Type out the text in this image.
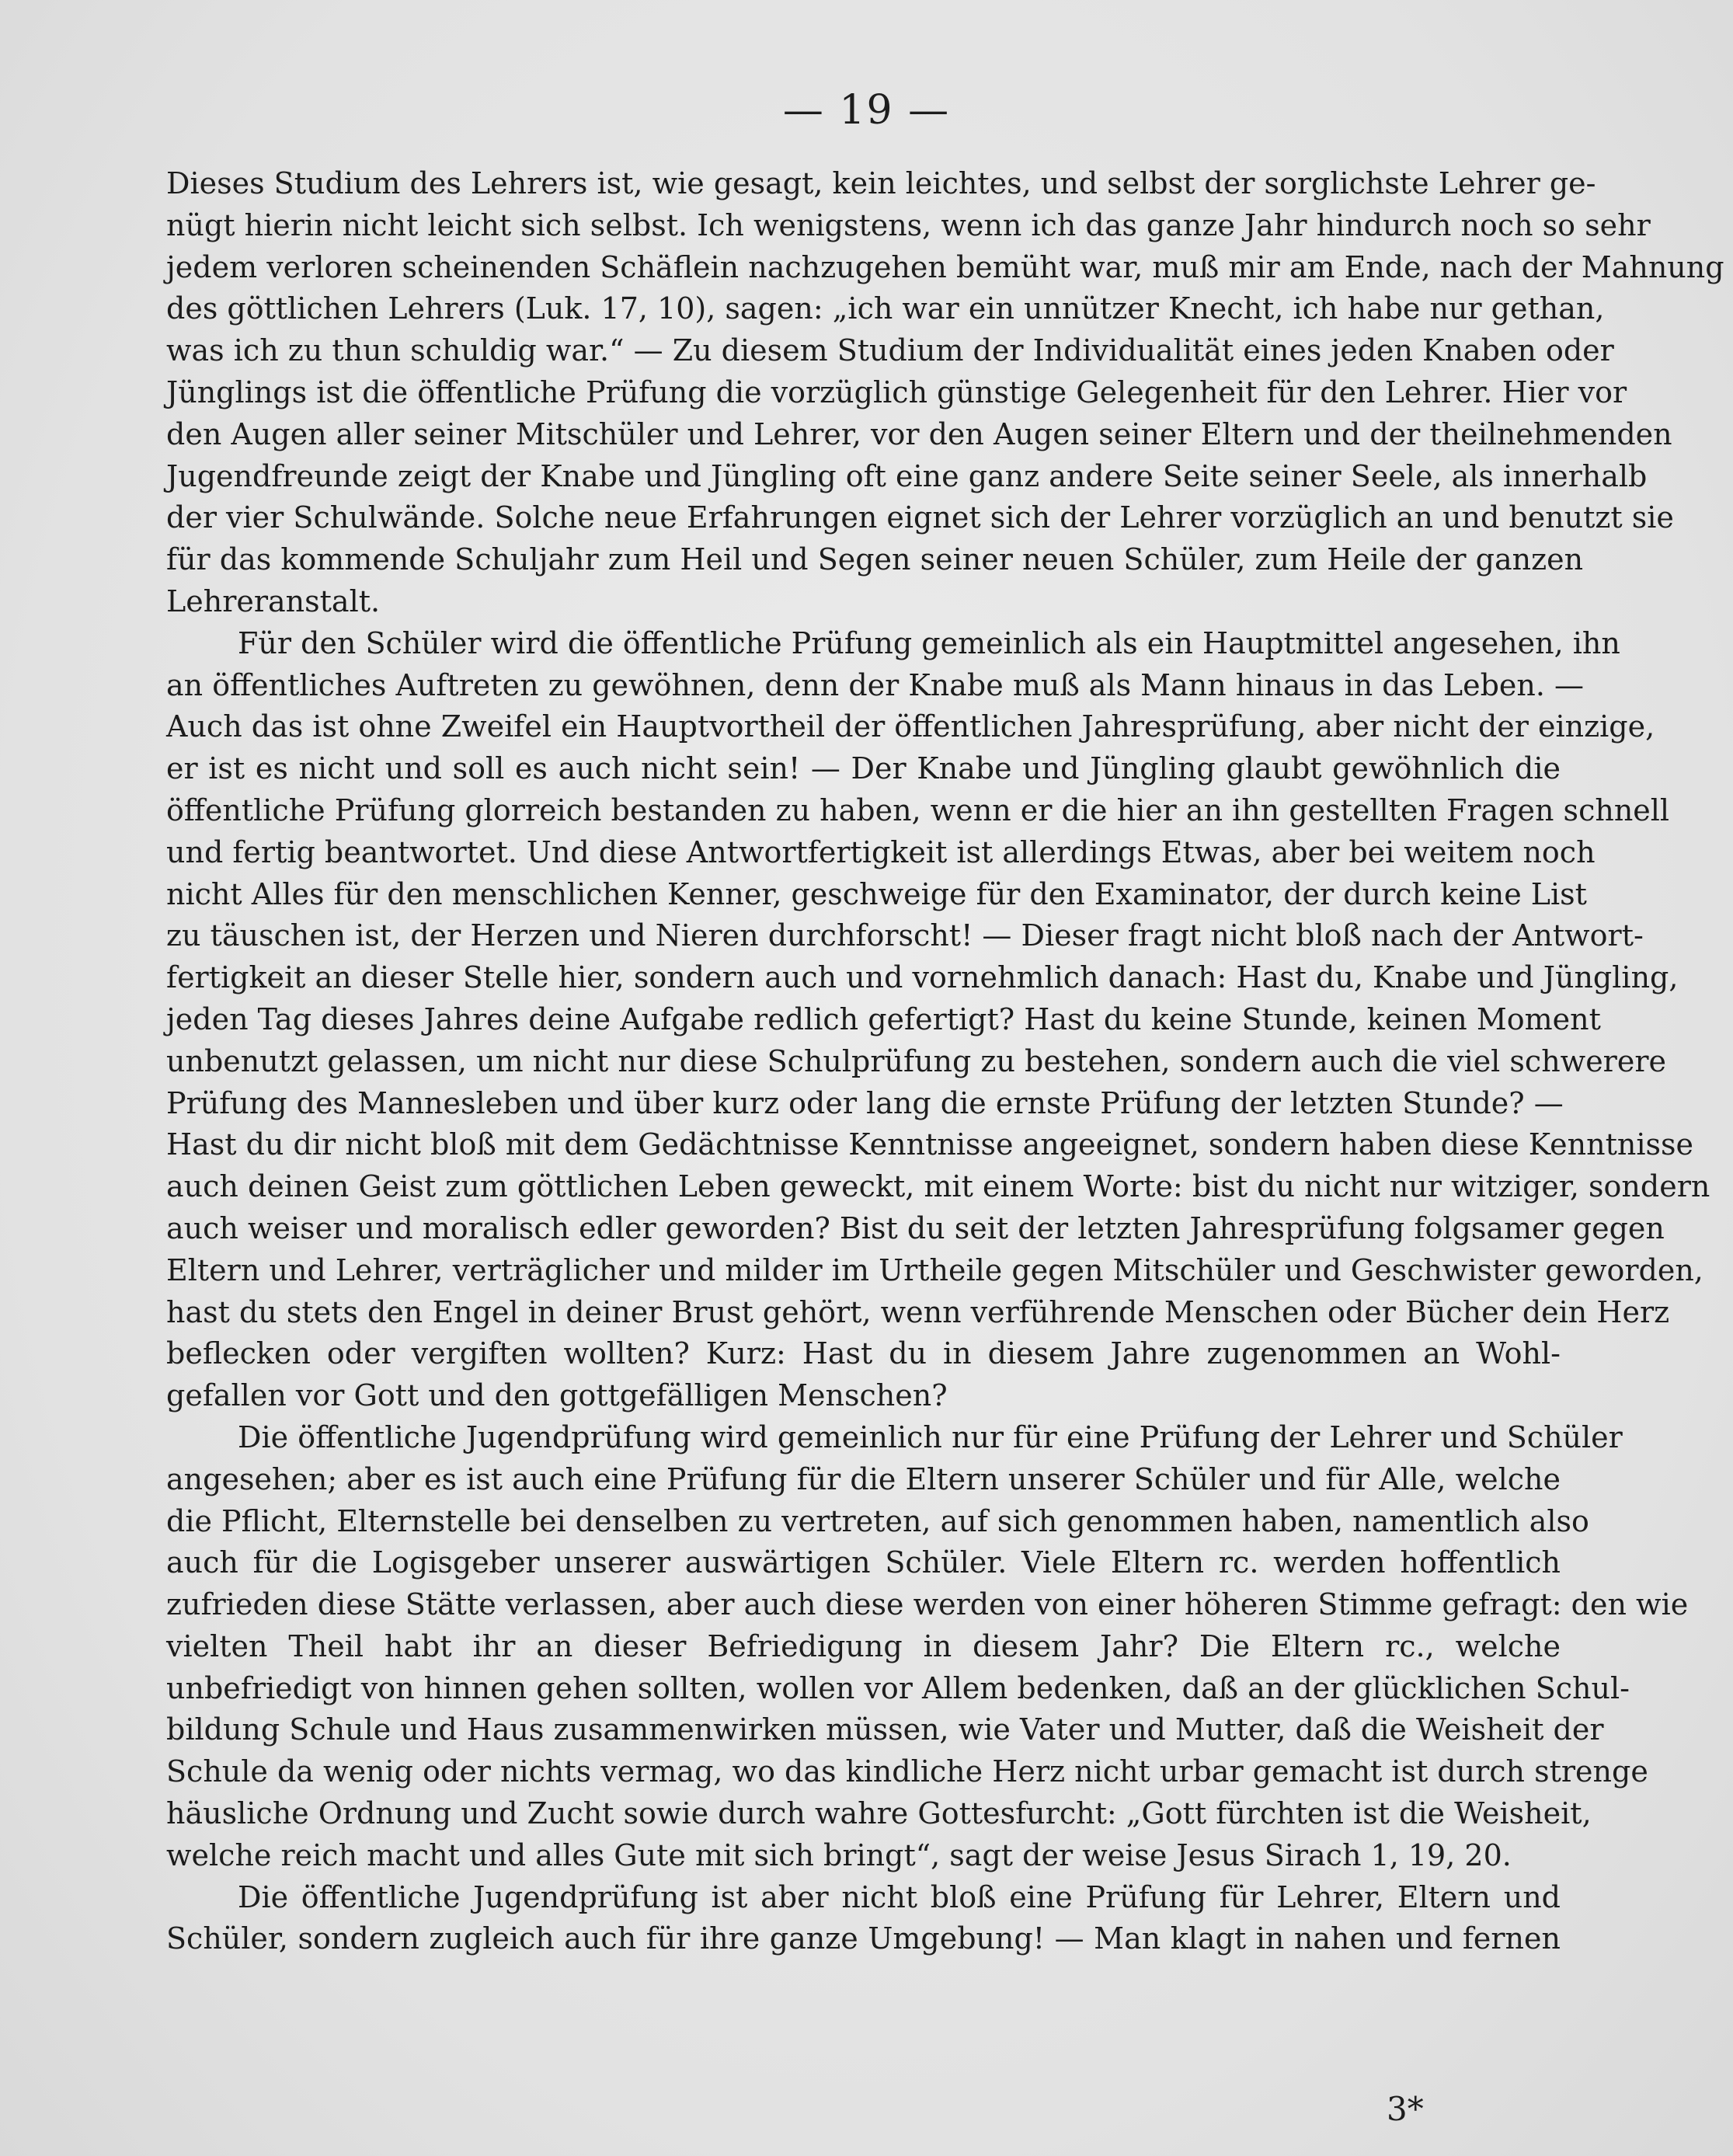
— 19 —
Dieses Studium des Lehrers ist, wie gesagt, kein leichtes, und selbst der sorglichste Lehrer ge-
nügt hierin nicht leicht sich selbst. Ich wenigstens, wenn ich das ganze Jahr hindurch noch so sehr
jedem verloren scheinenden Schäflein nachzugehen bemüht war, muß mir am Ende, nach der Mahnung
des göttlichen Lehrers (Luk. 17, 10), sagen: „ich war ein unnützer Knecht, ich habe nur gethan,
was ich zu thun schuldig war.“ — Zu diesem Studium der Individualität eines jeden Knaben oder
Jünglings ist die öffentliche Prüfung die vorzüglich günstige Gelegenheit für den Lehrer. Hier vor
den Augen aller seiner Mitschüler und Lehrer, vor den Augen seiner Eltern und der theilnehmenden
Jugendfreunde zeigt der Knabe und Jüngling oft eine ganz andere Seite seiner Seele, als innerhalb
der vier Schulwände. Solche neue Erfahrungen eignet sich der Lehrer vorzüglich an und benutzt sie
für das kommende Schuljahr zum Heil und Segen seiner neuen Schüler, zum Heile der ganzen
Lehreranstalt.
Für den Schüler wird die öffentliche Prüfung gemeinlich als ein Hauptmittel angesehen, ihn
an öffentliches Auftreten zu gewöhnen, denn der Knabe muß als Mann hinaus in das Leben. —
Auch das ist ohne Zweifel ein Hauptvortheil der öffentlichen Jahresprüfung, aber nicht der einzige,
er ist es nicht und soll es auch nicht sein! — Der Knabe und Jüngling glaubt gewöhnlich die
öffentliche Prüfung glorreich bestanden zu haben, wenn er die hier an ihn gestellten Fragen schnell
und fertig beantwortet. Und diese Antwortfertigkeit ist allerdings Etwas, aber bei weitem noch
nicht Alles für den menschlichen Kenner, geschweige für den Examinator, der durch keine List
zu täuschen ist, der Herzen und Nieren durchforscht! — Dieser fragt nicht bloß nach der Antwort-
fertigkeit an dieser Stelle hier, sondern auch und vornehmlich danach: Hast du, Knabe und Jüngling,
jeden Tag dieses Jahres deine Aufgabe redlich gefertigt? Hast du keine Stunde, keinen Moment
unbenutzt gelassen, um nicht nur diese Schulprüfung zu bestehen, sondern auch die viel schwerere
Prüfung des Mannesleben und über kurz oder lang die ernste Prüfung der letzten Stunde? —
Hast du dir nicht bloß mit dem Gedächtnisse Kenntnisse angeeignet, sondern haben diese Kenntnisse
auch deinen Geist zum göttlichen Leben geweckt, mit einem Worte: bist du nicht nur witziger, sondern
auch weiser und moralisch edler geworden? Bist du seit der letzten Jahresprüfung folgsamer gegen
Eltern und Lehrer, verträglicher und milder im Urtheile gegen Mitschüler und Geschwister geworden,
hast du stets den Engel in deiner Brust gehört, wenn verführende Menschen oder Bücher dein Herz
beflecken oder vergiften wollten? Kurz: Hast du in diesem Jahre zugenommen an Wohl-
gefallen vor Gott und den gottgefälligen Menschen?
Die öffentliche Jugendprüfung wird gemeinlich nur für eine Prüfung der Lehrer und Schüler
angesehen; aber es ist auch eine Prüfung für die Eltern unserer Schüler und für Alle, welche
die Pflicht, Elternstelle bei denselben zu vertreten, auf sich genommen haben, namentlich also
auch für die Logisgeber unserer auswärtigen Schüler. Viele Eltern rc. werden hoffentlich
zufrieden diese Stätte verlassen, aber auch diese werden von einer höheren Stimme gefragt: den wie
vielten Theil habt ihr an dieser Befriedigung in diesem Jahr? Die Eltern rc., welche
unbefriedigt von hinnen gehen sollten, wollen vor Allem bedenken, daß an der glücklichen Schul-
bildung Schule und Haus zusammenwirken müssen, wie Vater und Mutter, daß die Weisheit der
Schule da wenig oder nichts vermag, wo das kindliche Herz nicht urbar gemacht ist durch strenge
häusliche Ordnung und Zucht sowie durch wahre Gottesfurcht: „Gott fürchten ist die Weisheit,
welche reich macht und alles Gute mit sich bringt“, sagt der weise Jesus Sirach 1, 19, 20.
Die öffentliche Jugendprüfung ist aber nicht bloß eine Prüfung für Lehrer, Eltern und
Schüler, sondern zugleich auch für ihre ganze Umgebung! — Man klagt in nahen und fernen
3*
